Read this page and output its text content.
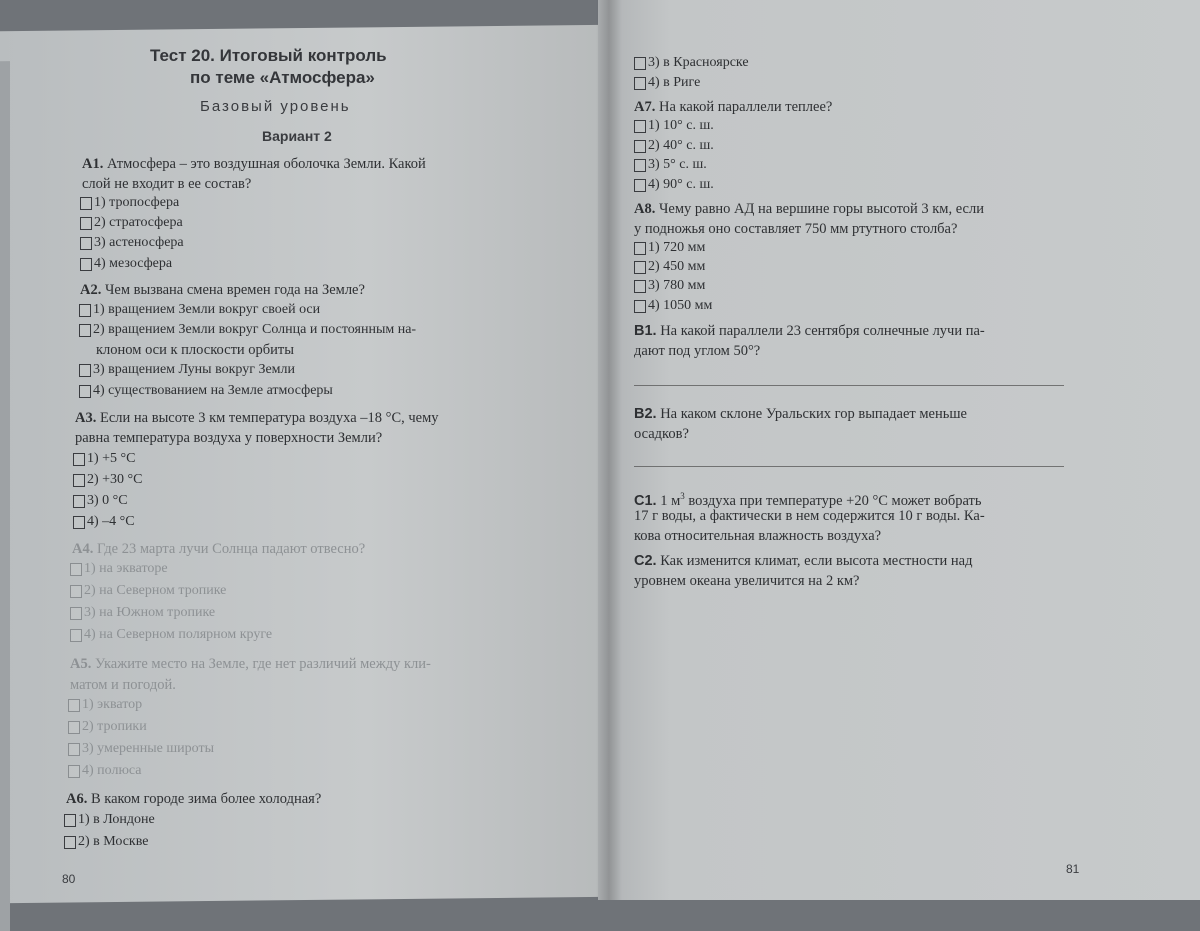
Тест 20. Итоговый контроль
по теме «Атмосфера»
Базовый уровень
Вариант 2
A1. Атмосфера – это воздушная оболочка Земли. Какой
слой не входит в ее состав?
1) тропосфера
2) стратосфера
3) астеносфера
4) мезосфера
A2. Чем вызвана смена времен года на Земле?
1) вращением Земли вокруг своей оси
2) вращением Земли вокруг Солнца и постоянным на-
клоном оси к плоскости орбиты
3) вращением Луны вокруг Земли
4) существованием на Земле атмосферы
A3. Если на высоте 3 км температура воздуха –18 °С, чему
равна температура воздуха у поверхности Земли?
1) +5 °С
2) +30 °С
3) 0 °С
4) –4 °С
A4. Где 23 марта лучи Солнца падают отвесно?
1) на экваторе
2) на Северном тропике
3) на Южном тропике
4) на Северном полярном круге
A5. Укажите место на Земле, где нет различий между кли-
матом и погодой.
1) экватор
2) тропики
3) умеренные широты
4) полюса
A6. В каком городе зима более холодная?
1) в Лондоне
2) в Москве
80
3) в Красноярске
4) в Риге
A7. На какой параллели теплее?
1) 10° с. ш.
2) 40° с. ш.
3) 5° с. ш.
4) 90° с. ш.
A8. Чему равно АД на вершине горы высотой 3 км, если
у подножья оно составляет 750 мм ртутного столба?
1) 720 мм
2) 450 мм
3) 780 мм
4) 1050 мм
B1. На какой параллели 23 сентября солнечные лучи па-
дают под углом 50°?
B2. На каком склоне Уральских гор выпадает меньше
осадков?
C1. 1 $м^3$ воздуха при температуре +20 °С может вобрать
17 г воды, а фактически в нем содержится 10 г воды. Ка-
кова относительная влажность воздуха?
C2. Как изменится климат, если высота местности над
уровнем океана увеличится на 2 км?
81
